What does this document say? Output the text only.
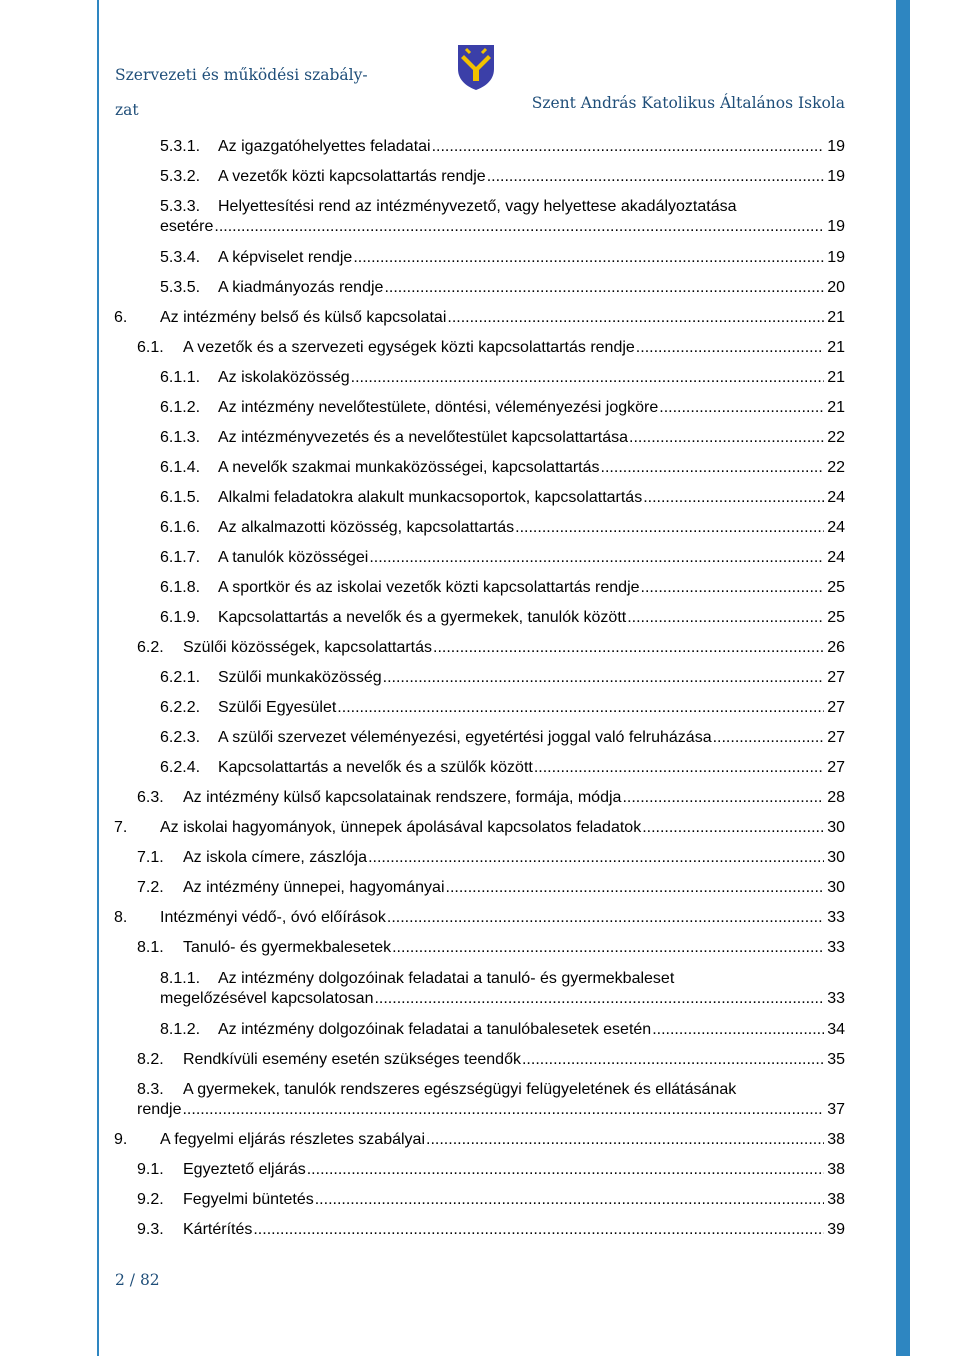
Szervezeti és működési szabály-
zat	Szent András Katolikus Általános Iskola
5.3.1.	Az igazgatóhelyettes feladatai .....	19
5.3.2.	A vezetők közti kapcsolattartás rendje .....	19
5.3.3. Helyettesítési rend az intézményvezető, vagy helyettese akadályoztatása
esetére .....	19
5.3.4.	A képviselet rendje .....	19
5.3.5.	A kiadmányozás rendje .....	20
6.	Az intézmény belső és külső kapcsolatai .....	21
6.1.	A vezetők és a szervezeti egységek közti kapcsolattartás rendje .....	21
6.1.1.	Az iskolaközösség .....	21
6.1.2.	Az intézmény nevelőtestülete, döntési, véleményezési jogköre .....	21
6.1.3.	Az intézményvezetés és a nevelőtestület kapcsolattartása .....	22
6.1.4.	A nevelők szakmai munkaközösségei, kapcsolattartás .....	22
6.1.5.	Alkalmi feladatokra alakult munkacsoportok, kapcsolattartás .....	24
6.1.6.	Az alkalmazotti közösség, kapcsolattartás .....	24
6.1.7.	A tanulók közösségei .....	24
6.1.8.	A sportkör és az iskolai vezetők közti kapcsolattartás rendje .....	25
6.1.9.	Kapcsolattartás a nevelők és a gyermekek, tanulók között .....	25
6.2.	Szülői közösségek, kapcsolattartás .....	26
6.2.1.	Szülői munkaközösség .....	27
6.2.2.	Szülői Egyesület .....	27
6.2.3.	A szülői szervezet véleményezési, egyetértési joggal való felruházása .....	27
6.2.4.	Kapcsolattartás a nevelők és a szülők között .....	27
6.3.	Az intézmény külső kapcsolatainak rendszere, formája, módja .....	28
7.	Az iskolai hagyományok, ünnepek ápolásával kapcsolatos feladatok .....	30
7.1.	Az iskola címere, zászlója .....	30
7.2.	Az intézmény ünnepei, hagyományai .....	30
8.	Intézményi védő-, óvó előírások .....	33
8.1.	Tanuló- és gyermekbalesetek .....	33
8.1.1. Az intézmény dolgozóinak feladatai a tanuló- és gyermekbaleset
megelőzésével kapcsolatosan .....	33
8.1.2.	Az intézmény dolgozóinak feladatai a tanulóbalesetek esetén .....	34
8.2.	Rendkívüli esemény esetén szükséges teendők .....	35
8.3. A gyermekek, tanulók rendszeres egészségügyi felügyeletének és ellátásának
rendje .....	37
9.	A fegyelmi eljárás részletes szabályai .....	38
9.1.	Egyeztető eljárás .....	38
9.2.	Fegyelmi büntetés .....	38
9.3.	Kártérítés .....	39
2 / 82
